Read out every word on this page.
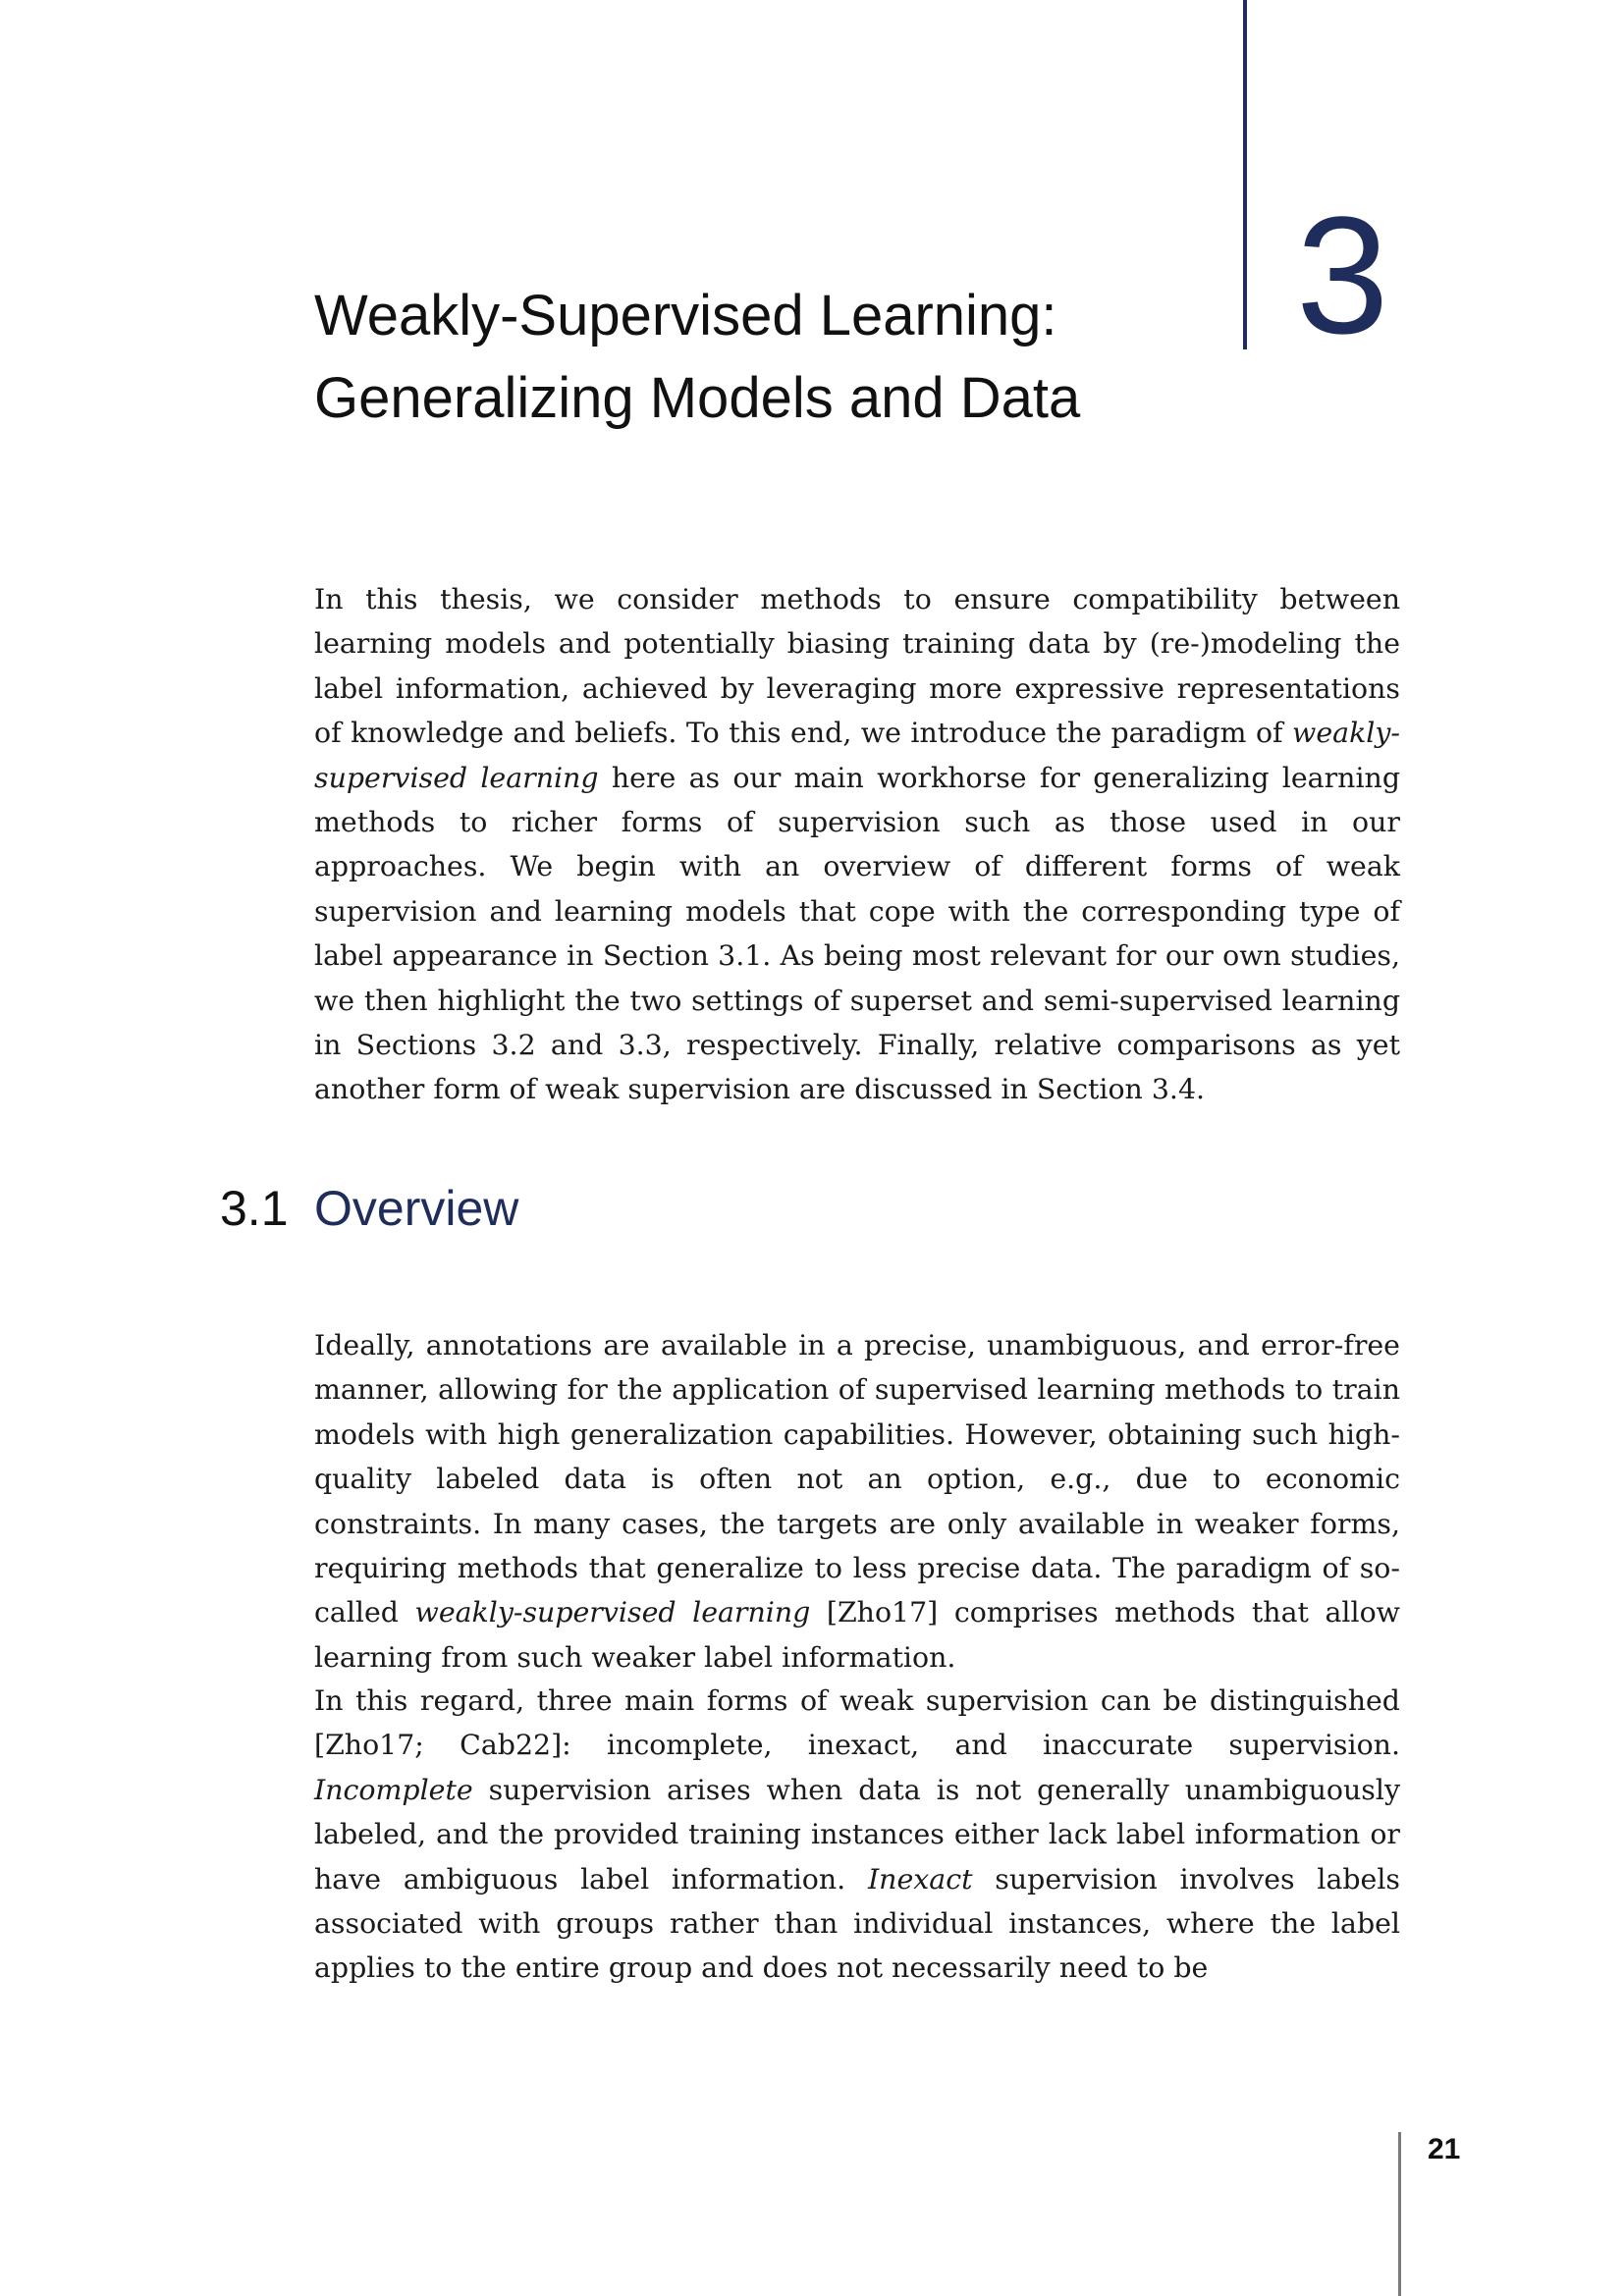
3
Weakly-Supervised Learning:
Generalizing Models and Data

In this thesis, we consider methods to ensure compatibility between learning models and potentially biasing training data by (re-)modeling the label information, achieved by leveraging more expressive representations of knowledge and beliefs. To this end, we introduce the paradigm of weakly-supervised learning here as our main workhorse for generalizing learning methods to richer forms of supervision such as those used in our approaches. We begin with an overview of different forms of weak supervision and learning models that cope with the corresponding type of label appearance in Section 3.1. As being most relevant for our own studies, we then highlight the two settings of superset and semi-supervised learning in Sections 3.2 and 3.3, respectively. Finally, relative comparisons as yet another form of weak supervision are discussed in Section 3.4.

3.1 Overview

Ideally, annotations are available in a precise, unambiguous, and error-free manner, allowing for the application of supervised learning methods to train models with high generalization capabilities. However, obtaining such high-quality labeled data is often not an option, e.g., due to economic constraints. In many cases, the targets are only available in weaker forms, requiring methods that generalize to less precise data. The paradigm of so-called weakly-supervised learning [Zho17] comprises methods that allow learning from such weaker label information.

In this regard, three main forms of weak supervision can be distinguished [Zho17; Cab22]: incomplete, inexact, and inaccurate supervision. Incomplete supervision arises when data is not generally unambiguously labeled, and the provided training instances either lack label information or have ambiguous label information. Inexact supervision involves labels associated with groups rather than individual instances, where the label applies to the entire group and does not necessarily need to be

21
